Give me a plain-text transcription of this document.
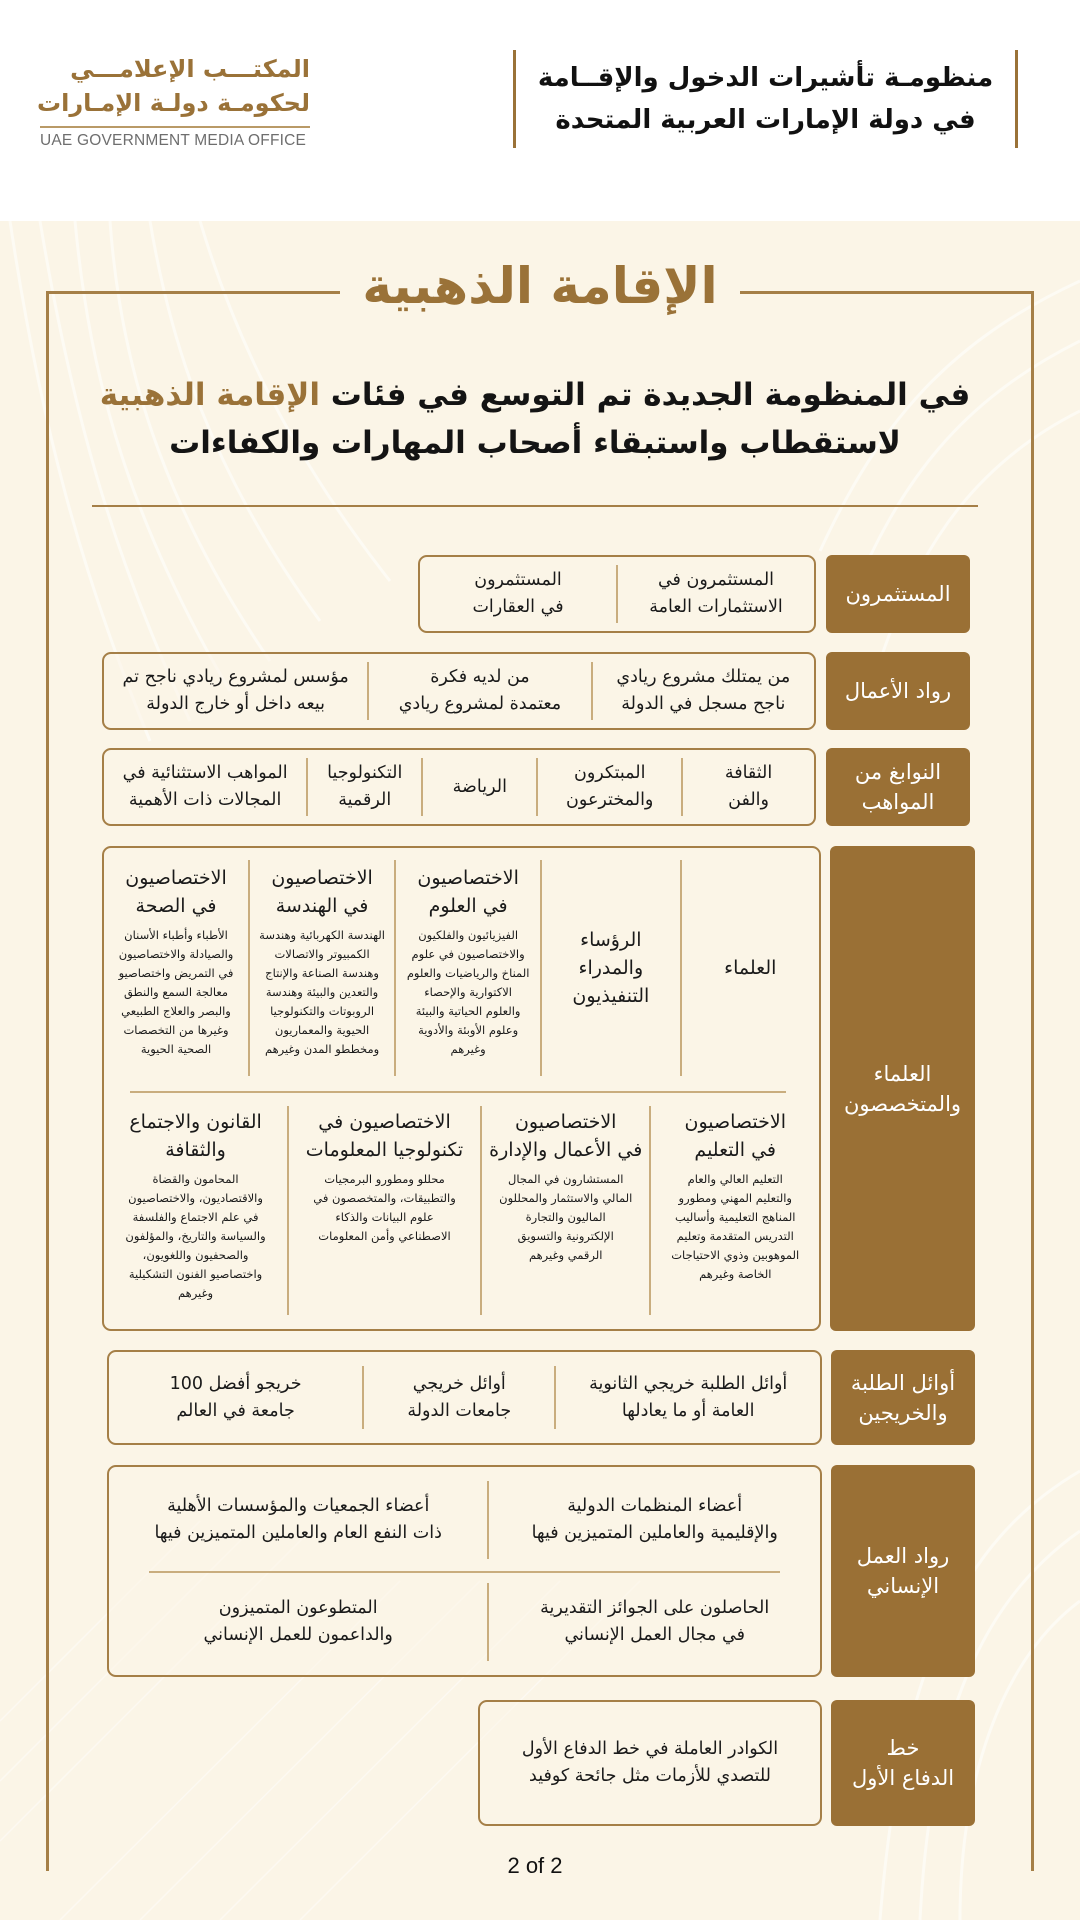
المكتـــب الإعلامـــي
لحكومـة دولـة الإمـارات
UAE GOVERNMENT MEDIA OFFICE
منظومـة تأشيرات الدخول والإقــامة
في دولة الإمارات العربية المتحدة
الإقامة الذهبية
في المنظومة الجديدة تم التوسع في فئات الإقامة الذهبية
لاستقطاب واستبقاء أصحاب المهارات والكفاءات
المستثمرون
المستثمرون في
الاستثمارات العامة
المستثمرون
في العقارات
رواد الأعمال
من يمتلك مشروع ريادي
ناجح مسجل في الدولة
من لديه فكرة
معتمدة لمشروع ريادي
مؤسس لمشروع ريادي ناجح تم
بيعه داخل أو خارج الدولة
النوابغ من
المواهب
الثقافة
والفن
المبتكرون
والمخترعون
الرياضة
التكنولوجيا
الرقمية
المواهب الاستثنائية في
المجالات ذات الأهمية
العلماء
والمتخصصون
العلماء
الرؤساء والمدراء
التنفيذيون
الاختصاصيون
في العلوم
الفيزيائيون والفلكيون
والاختصاصيون في علوم
المناخ والرياضيات والعلوم
الاكتوارية والإحصاء
والعلوم الحياتية والبيئة
وعلوم الأوبئة والأدوية
وغيرهم
الاختصاصيون
في الهندسة
الهندسة الكهربائية وهندسة
الكمبيوتر والاتصالات
وهندسة الصناعة والإنتاج
والتعدين والبيئة وهندسة
الروبوتات والتكنولوجيا
الحيوية والمعماريون
ومخططو المدن وغيرهم
الاختصاصيون
في الصحة
الأطباء وأطباء الأسنان
والصيادلة والاختصاصيون
في التمريض واختصاصيو
معالجة السمع والنطق
والبصر والعلاج الطبيعي
وغيرها من التخصصات
الصحية الحيوية
الاختصاصيون
في التعليم
التعليم العالي والعام
والتعليم المهني ومطورو
المناهج التعليمية وأساليب
التدريس المتقدمة وتعليم
الموهوبين وذوي الاحتياجات
الخاصة وغيرهم
الاختصاصيون
في الأعمال والإدارة
المستشارون في المجال
المالي والاستثمار والمحللون
الماليون والتجارة
الإلكترونية والتسويق
الرقمي وغيرهم
الاختصاصيون في
تكنولوجيا المعلومات
محللو ومطورو البرمجيات
والتطبيقات، والمتخصصون في
علوم البيانات والذكاء
الاصطناعي وأمن المعلومات
القانون والاجتماع
والثقافة
المحامون والقضاة
والاقتصاديون، والاختصاصيون
في علم الاجتماع والفلسفة
والسياسة والتاريخ، والمؤلفون
والصحفيون واللغويون،
واختصاصيو الفنون التشكيلية
وغيرهم
أوائل الطلبة
والخريجين
أوائل الطلبة خريجي الثانوية
العامة أو ما يعادلها
أوائل خريجي
جامعات الدولة
خريجو أفضل 100
جامعة في العالم
رواد العمل
الإنساني
أعضاء المنظمات الدولية
والإقليمية والعاملين المتميزين فيها
أعضاء الجمعيات والمؤسسات الأهلية
ذات النفع العام والعاملين المتميزين فيها
الحاصلون على الجوائز التقديرية
في مجال العمل الإنساني
المتطوعون المتميزون
والداعمون للعمل الإنساني
خط
الدفاع الأول
الكوادر العاملة في خط الدفاع الأول
للتصدي للأزمات مثل جائحة كوفيد
2 of 2
